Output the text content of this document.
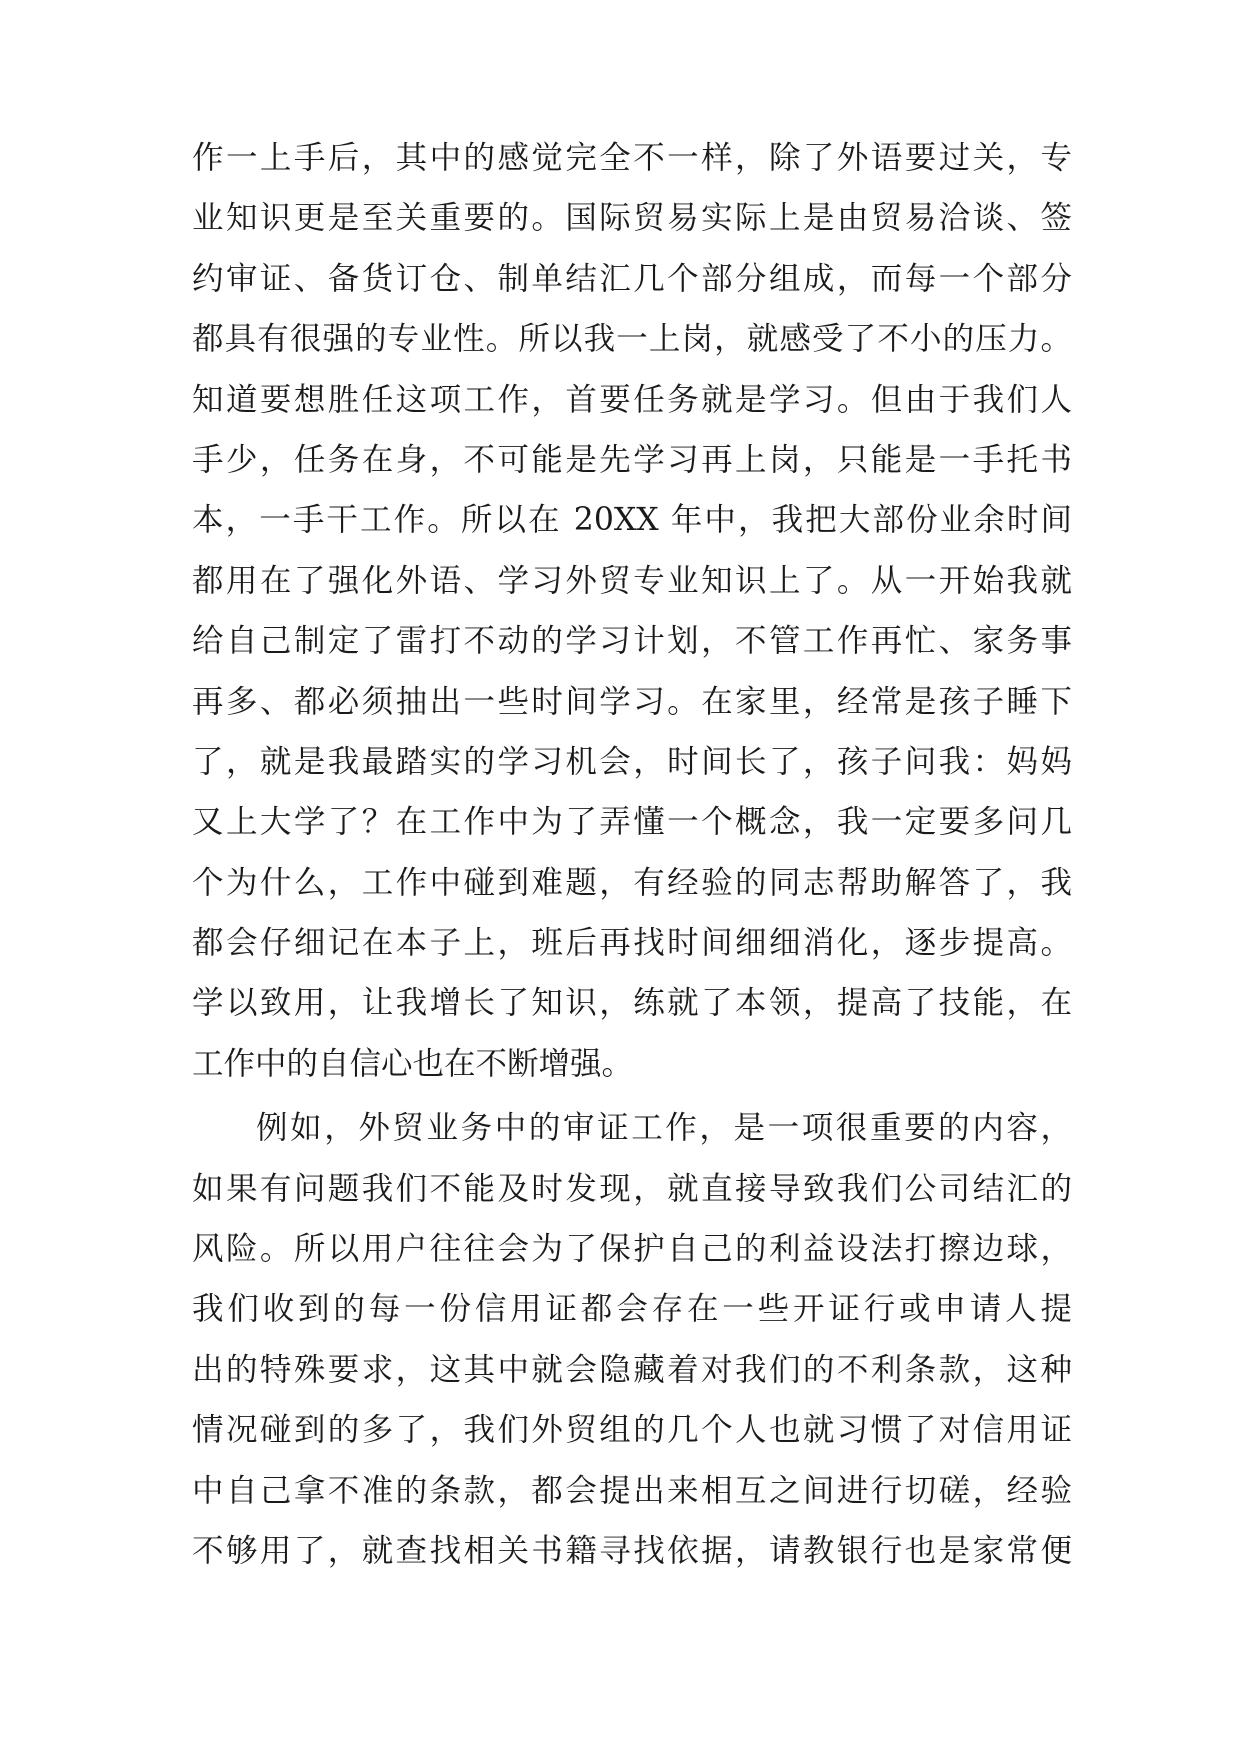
作一上手后，其中的感觉完全不一样，除了外语要过关，专
业知识更是至关重要的。国际贸易实际上是由贸易洽谈、签
约审证、备货订仓、制单结汇几个部分组成，而每一个部分
都具有很强的专业性。所以我一上岗，就感受了不小的压力。
知道要想胜任这项工作，首要任务就是学习。但由于我们人
手少，任务在身，不可能是先学习再上岗，只能是一手托书
本，一手干工作。所以在 20XX 年中，我把大部份业余时间
都用在了强化外语、学习外贸专业知识上了。从一开始我就
给自己制定了雷打不动的学习计划，不管工作再忙、家务事
再多、都必须抽出一些时间学习。在家里，经常是孩子睡下
了，就是我最踏实的学习机会，时间长了，孩子问我：妈妈
又上大学了？在工作中为了弄懂一个概念，我一定要多问几
个为什么，工作中碰到难题，有经验的同志帮助解答了，我
都会仔细记在本子上，班后再找时间细细消化，逐步提高。
学以致用，让我增长了知识，练就了本领，提高了技能，在
工作中的自信心也在不断增强。
例如，外贸业务中的审证工作，是一项很重要的内容，
如果有问题我们不能及时发现，就直接导致我们公司结汇的
风险。所以用户往往会为了保护自己的利益设法打擦边球，
我们收到的每一份信用证都会存在一些开证行或申请人提
出的特殊要求，这其中就会隐藏着对我们的不利条款，这种
情况碰到的多了，我们外贸组的几个人也就习惯了对信用证
中自己拿不准的条款，都会提出来相互之间进行切磋，经验
不够用了，就查找相关书籍寻找依据，请教银行也是家常便
